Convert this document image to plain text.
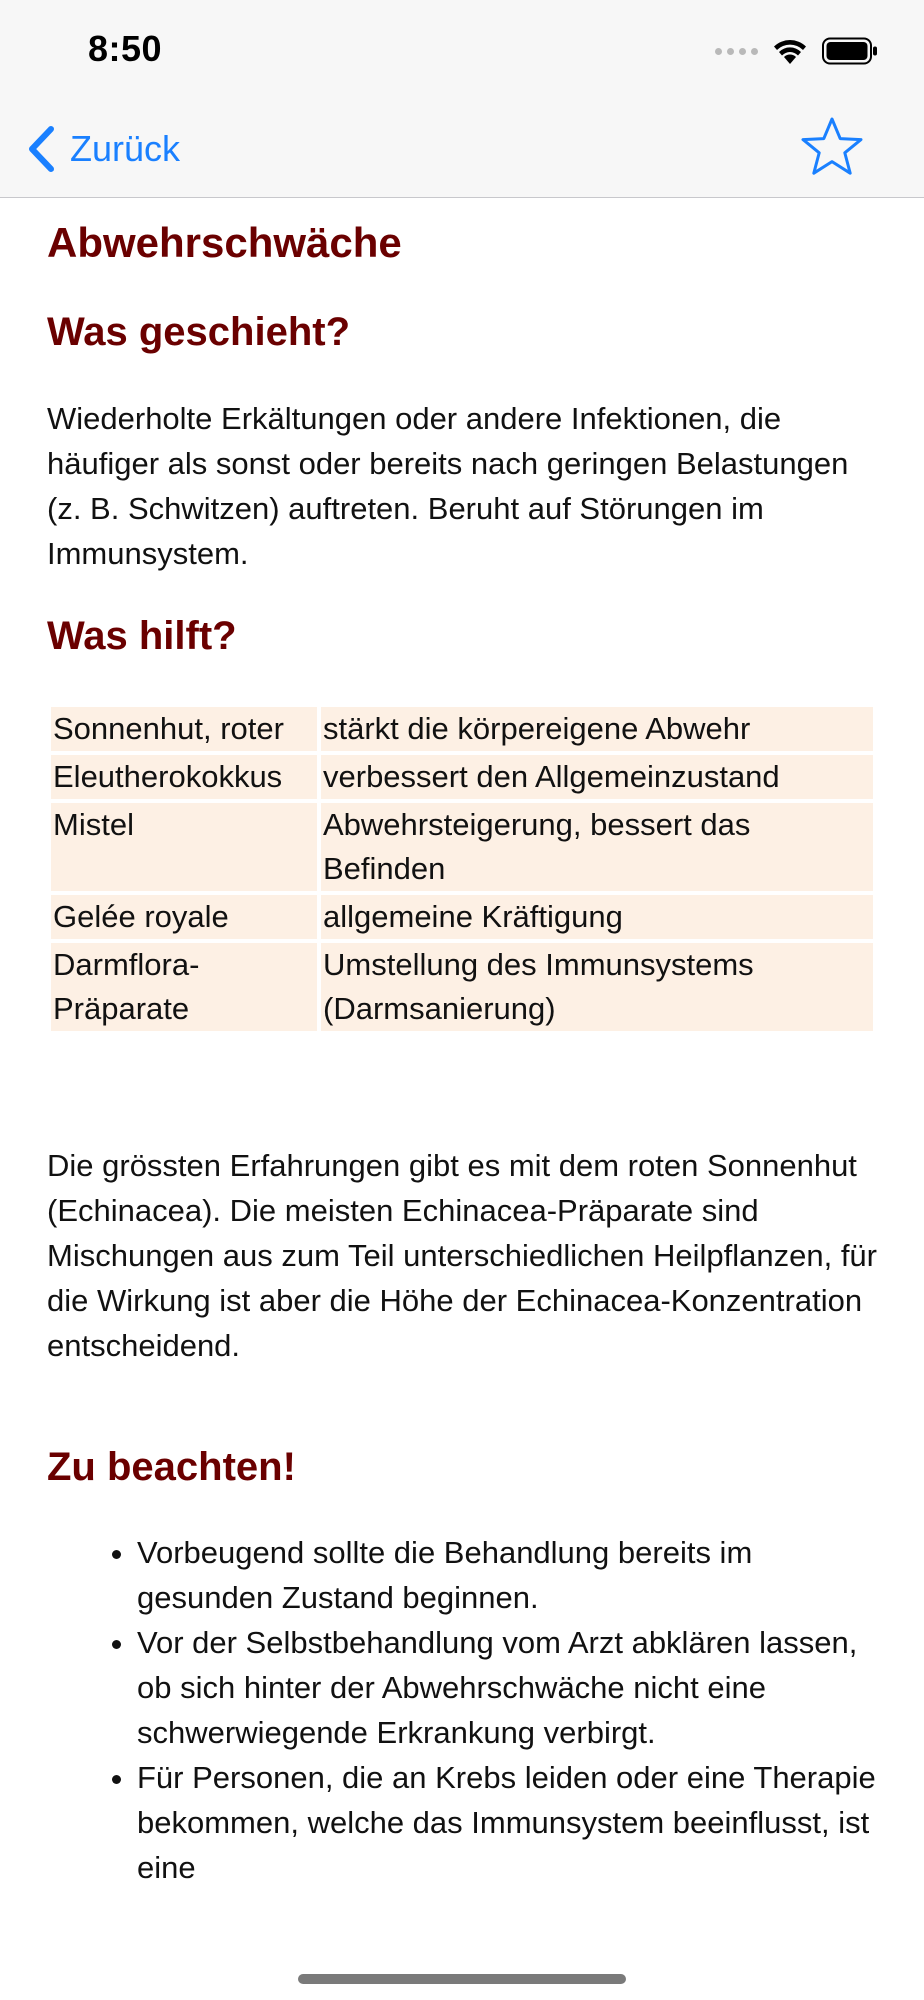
8:50
Zurück
Abwehrschwäche
Was geschieht?

Wiederholte Erkältungen oder andere Infektionen, die häufiger als sonst oder bereits nach geringen Belastungen (z. B. Schwitzen) auftreten. Beruht auf Störungen im Immunsystem.

Was hilft?
Sonnenhut, roter	stärkt die körpereigene Abwehr
Eleutherokokkus	verbessert den Allgemeinzustand
Mistel	Abwehrsteigerung, bessert das Befinden
Gelée royale	allgemeine Kräftigung
Darmflora-Präparate	Umstellung des Immunsystems (Darmsanierung)

Die grössten Erfahrungen gibt es mit dem roten Sonnenhut (Echinacea). Die meisten Echinacea-Präparate sind Mischungen aus zum Teil unterschiedlichen Heilpflanzen, für die Wirkung ist aber die Höhe der Echinacea-Konzentration entscheidend.

Zu beachten!
• Vorbeugend sollte die Behandlung bereits im gesunden Zustand beginnen.
• Vor der Selbstbehandlung vom Arzt abklären lassen, ob sich hinter der Abwehrschwäche nicht eine schwerwiegende Erkrankung verbirgt.
• Für Personen, die an Krebs leiden oder eine Therapie bekommen, welche das Immunsystem beeinflusst, ist eine
